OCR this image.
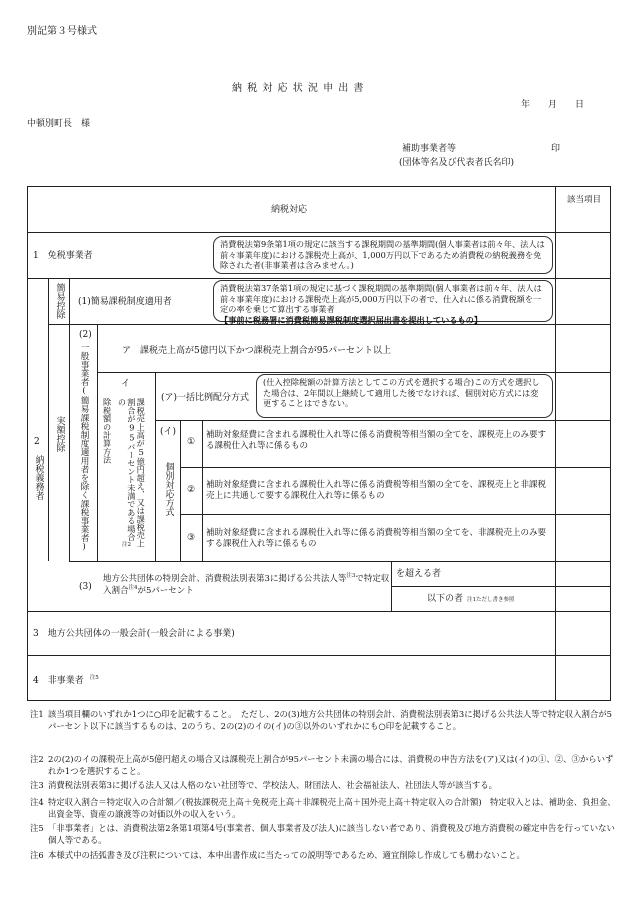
別記第３号様式
納 税 対 応 状 況 申 出 書
年　　月　　日
中頓別町長　様
補助事業者等	印
(団体等名及び代表者氏名印)
納税対応
該当項目
1　免税事業者
消費税法第9条第1項の規定に該当する課税期間の基準期間(個人事業者は前々年、法人は前々事業年度)における課税売上高が、1,000万円以下であるため消費税の納税義務を免除された者(非事業者は含みません。)
2
納税義務者
簡易控除 (1)簡易課税制度適用者
消費税法第37条第1項の規定に基づく課税期間の基準期間(個人事業者は前々年、法人は前々事業年度)における課税売上高が5,000万円以下の者で、仕入れに係る消費税額を一定の率を乗じて算出する事業者
【事前に税務署に消費税簡易課税制度選択届出書を提出しているもの】
実額控除
(2)
一般事業者(簡易課税制度適用者を除く課税事業者)	ア　課税売上高が5億円以下かつ課税売上割合が95パーセント以上
イ
課税売上高が5億円超え、又は課税売上割合が95パーセント未満である場合の
除税額の計算方法
注2
(ア)一括比例配分方式
(仕入控除税額の計算方法としてこの方式を選択する場合)この方式を選択した場合は、2年間以上継続して適用した後でなければ、個別対応方式には変更することはできない。
(イ)
個別対応方式
①
補助対象経費に含まれる課税仕入れ等に係る消費税等相当額の全てを、課税売上のみ要する課税仕入れ等に係るもの
② 補助対象経費に含まれる課税仕入れ等に係る消費税等相当額の全てを、課税売上と非課税売上に共通して要する課税仕入れ等に係るもの
③ 補助対象経費に含まれる課税仕入れ等に係る消費税等相当額の全てを、非課税売上のみ要する課税仕入れ等に係るもの
(3)
地方公共団体の特別会計、消費税法別表第3に掲げる公共法人等$^{注3}$で特定収入割合$^{注4}$が5パーセント
を超える者
以下の者 注1ただし書き参照
3　地方公共団体の一般会計(一般会計による事業)
4　非事業者 $^{注5}$
注1 該当項目欄のいずれか1つに○印を記載すること。　ただし、2の(3)地方公共団体の特別会計、消費税法別表第3に掲げる公共法人等で特定収入割合が5パーセント以下に該当するものは、2のうち、2の(2)のイの(イ)の③以外のいずれかにも○印を記載すること。
注2 2の(2)のイの課税売上高が5億円超えの場合又は課税売上割合が95パーセント未満の場合には、消費税の申告方法を(ア)又は(イ)の①、②、③からいずれか1つを選択すること。
注3 消費税法別表第3に掲げる法人又は人格のない社団等で、学校法人、財団法人、社会福祉法人、社団法人等が該当する。
注4 特定収入割合＝特定収入の合計額／(税抜課税売上高＋免税売上高＋非課税売上高＋国外売上高＋特定収入の合計額)　特定収入とは、補助金、負担金、出資金等、資産の譲渡等の対価以外の収入をいう。
注5 「非事業者」とは、消費税法第2条第1項第4号(事業者、個人事業者及び法人)に該当しない者であり、消費税及び地方消費税の確定申告を行っていない個人等である。
注6 本様式中の括弧書き及び注釈については、本申出書作成に当たっての説明等であるため、適宜削除し作成しても構わないこと。
